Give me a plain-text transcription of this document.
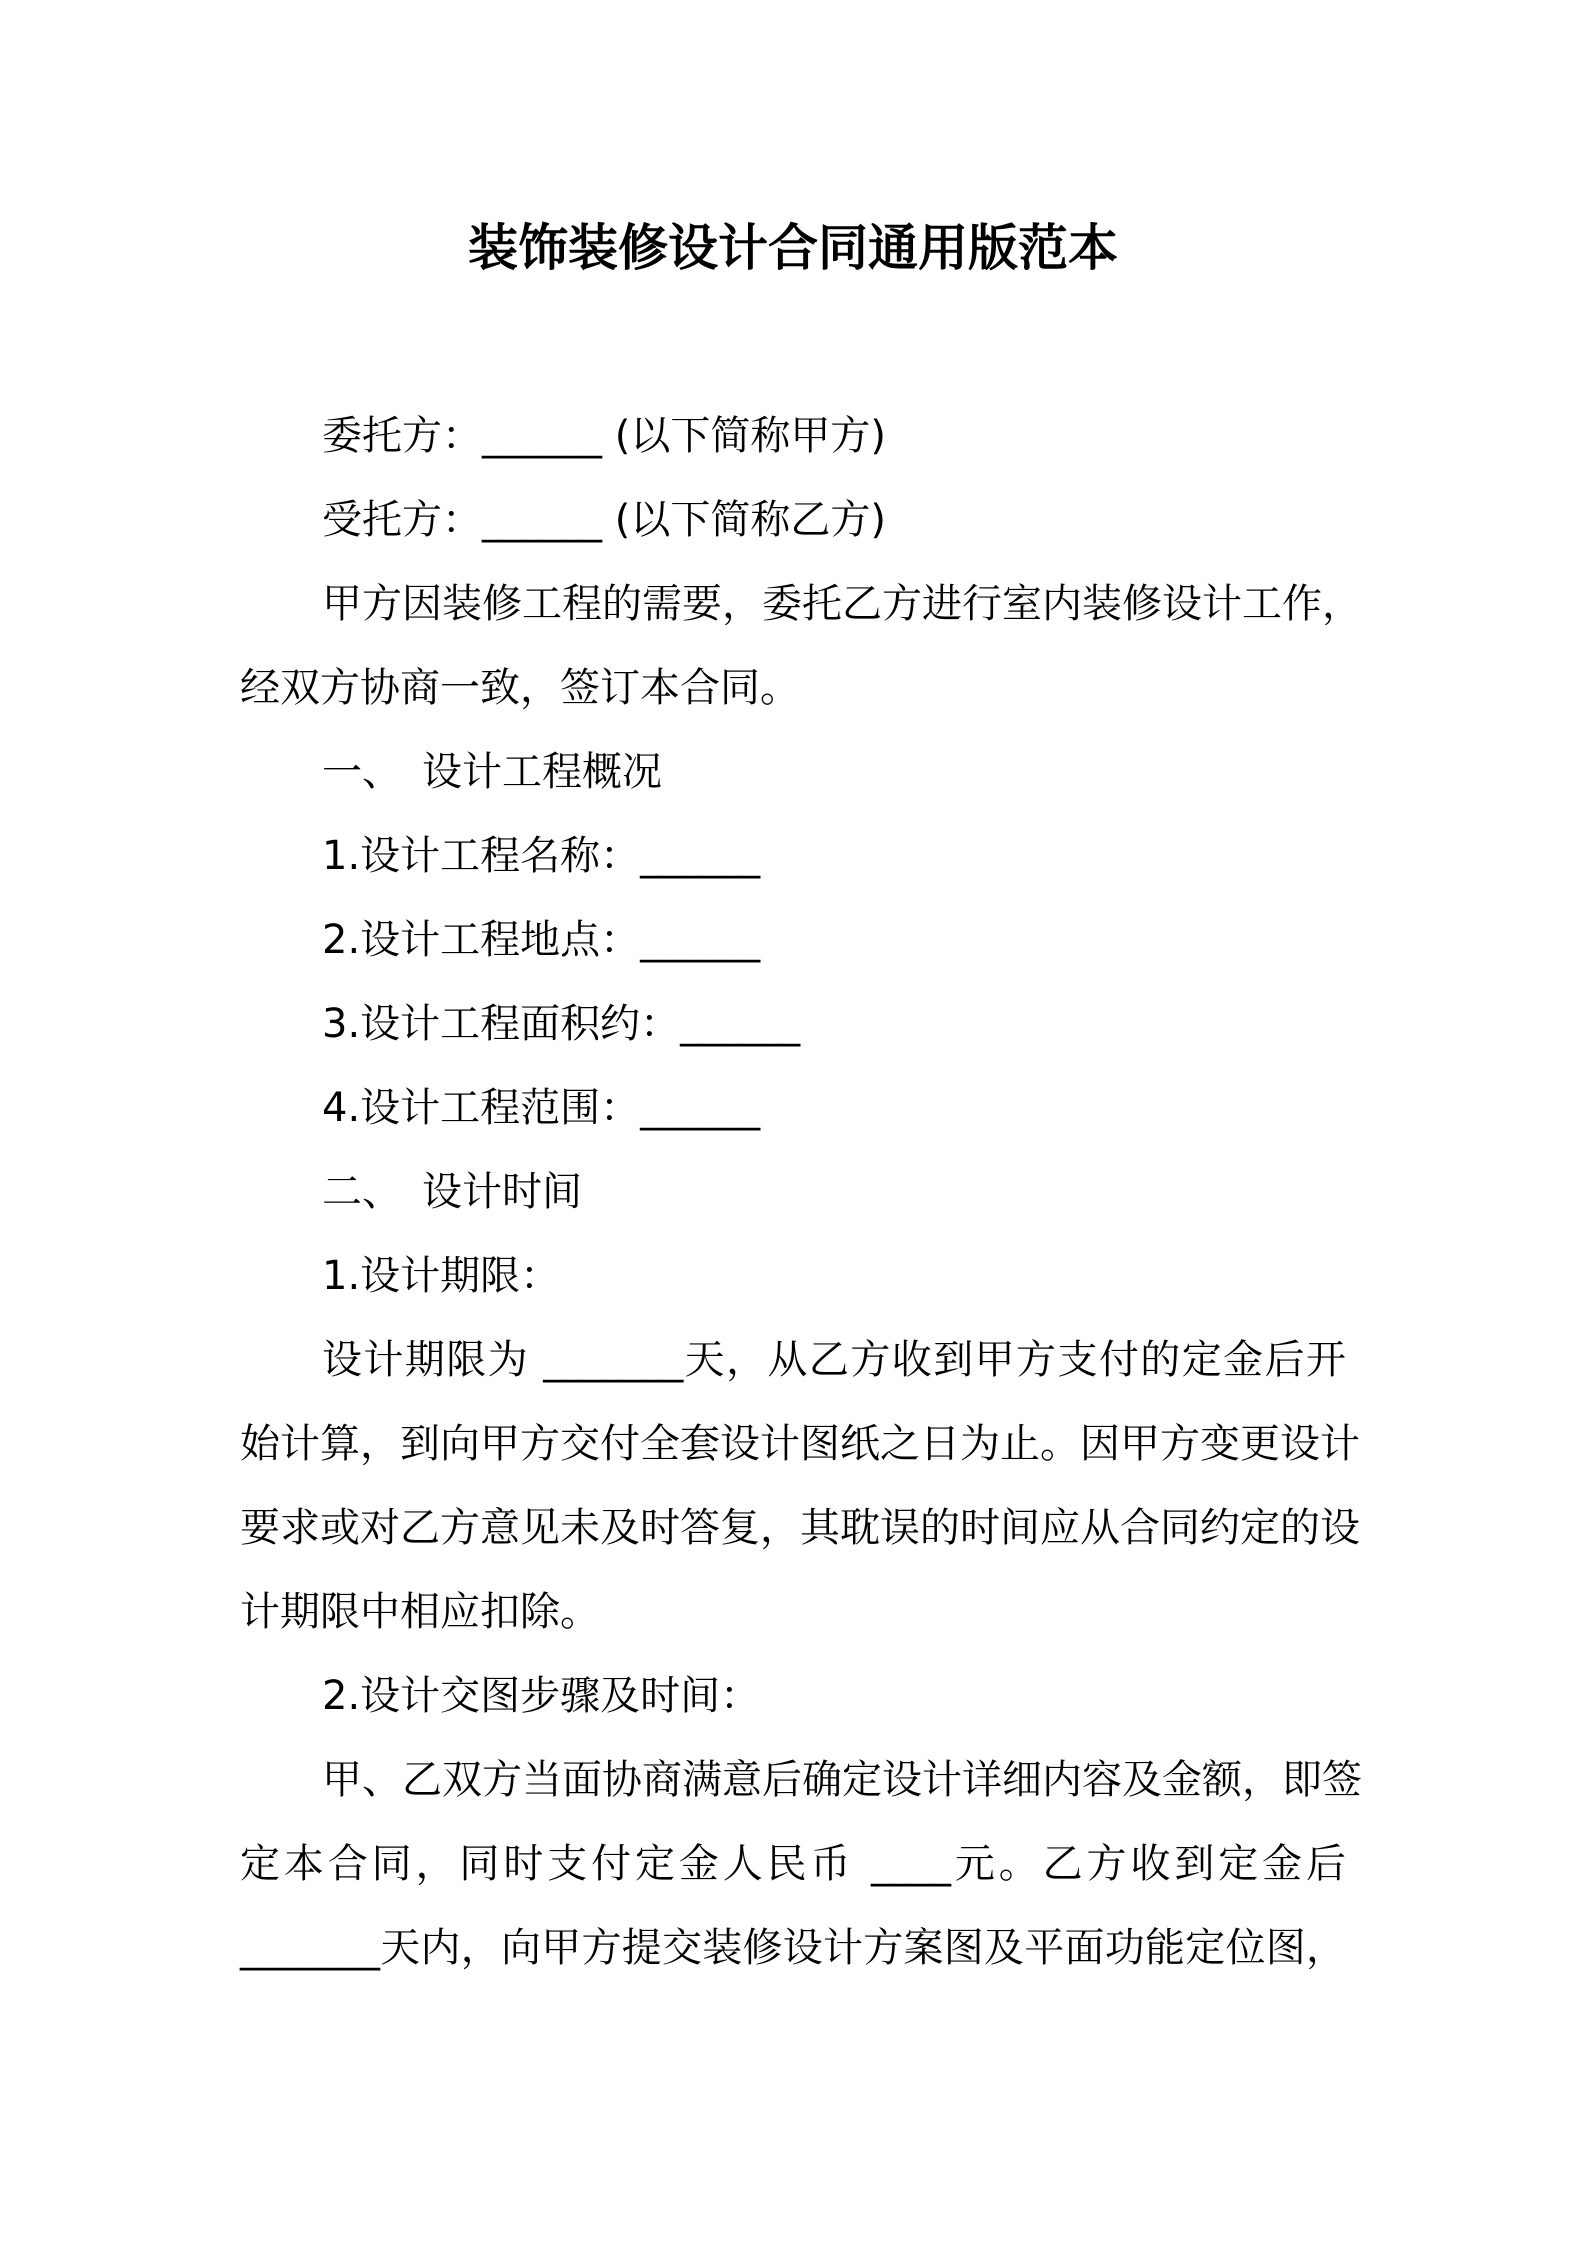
装饰装修设计合同通用版范本
委托方：______ (以下简称甲方)
受托方：______ (以下简称乙方)
甲方因装修工程的需要，委托乙方进行室内装修设计工作，
经双方协商一致，签订本合同。
一、 设计工程概况
1.设计工程名称：______
2.设计工程地点：______
3.设计工程面积约：______
4.设计工程范围：______
二、 设计时间
1.设计期限：
设计期限为 _______天，从乙方收到甲方支付的定金后开
始计算，到向甲方交付全套设计图纸之日为止。因甲方变更设计
要求或对乙方意见未及时答复，其耽误的时间应从合同约定的设
计期限中相应扣除。
2.设计交图步骤及时间：
甲、乙双方当面协商满意后确定设计详细内容及金额，即签
定本合同，同时支付定金人民币 ____元。乙方收到定金后
_______天内，向甲方提交装修设计方案图及平面功能定位图，
